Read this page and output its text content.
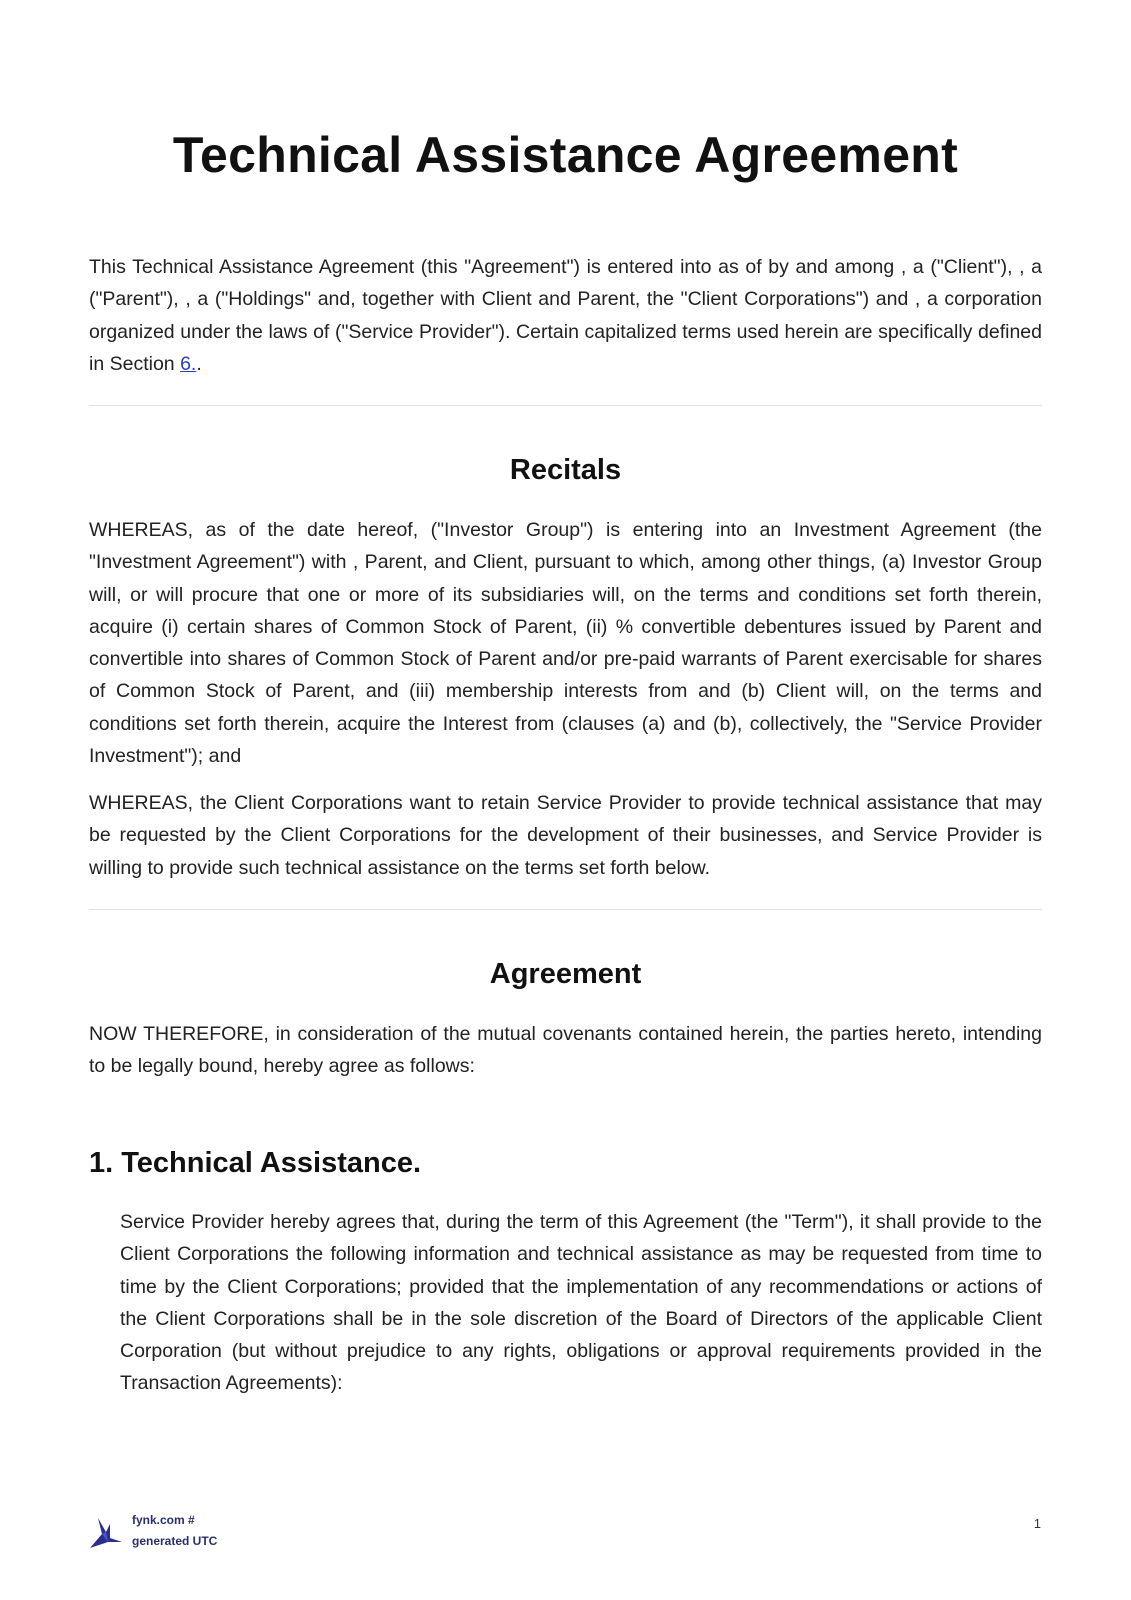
Technical Assistance Agreement

This Technical Assistance Agreement (this "Agreement") is entered into as of by and among , a ("Client"), , a ("Parent"), , a ("Holdings" and, together with Client and Parent, the "Client Corporations") and , a corporation organized under the laws of ("Service Provider"). Certain capitalized terms used herein are specifically defined in Section 6..

Recitals

WHEREAS, as of the date hereof, ("Investor Group") is entering into an Investment Agreement (the "Investment Agreement") with , Parent, and Client, pursuant to which, among other things, (a) Investor Group will, or will procure that one or more of its subsidiaries will, on the terms and conditions set forth therein, acquire (i) certain shares of Common Stock of Parent, (ii) % convertible debentures issued by Parent and convertible into shares of Common Stock of Parent and/or pre-paid warrants of Parent exercisable for shares of Common Stock of Parent, and (iii) membership interests from and (b) Client will, on the terms and conditions set forth therein, acquire the Interest from (clauses (a) and (b), collectively, the "Service Provider Investment"); and

WHEREAS, the Client Corporations want to retain Service Provider to provide technical assistance that may be requested by the Client Corporations for the development of their businesses, and Service Provider is willing to provide such technical assistance on the terms set forth below.

Agreement

NOW THEREFORE, in consideration of the mutual covenants contained herein, the parties hereto, intending to be legally bound, hereby agree as follows:

1. Technical Assistance.

Service Provider hereby agrees that, during the term of this Agreement (the "Term"), it shall provide to the Client Corporations the following information and technical assistance as may be requested from time to time by the Client Corporations; provided that the implementation of any recommendations or actions of the Client Corporations shall be in the sole discretion of the Board of Directors of the applicable Client Corporation (but without prejudice to any rights, obligations or approval requirements provided in the Transaction Agreements):

fynk.com #
generated UTC
1
